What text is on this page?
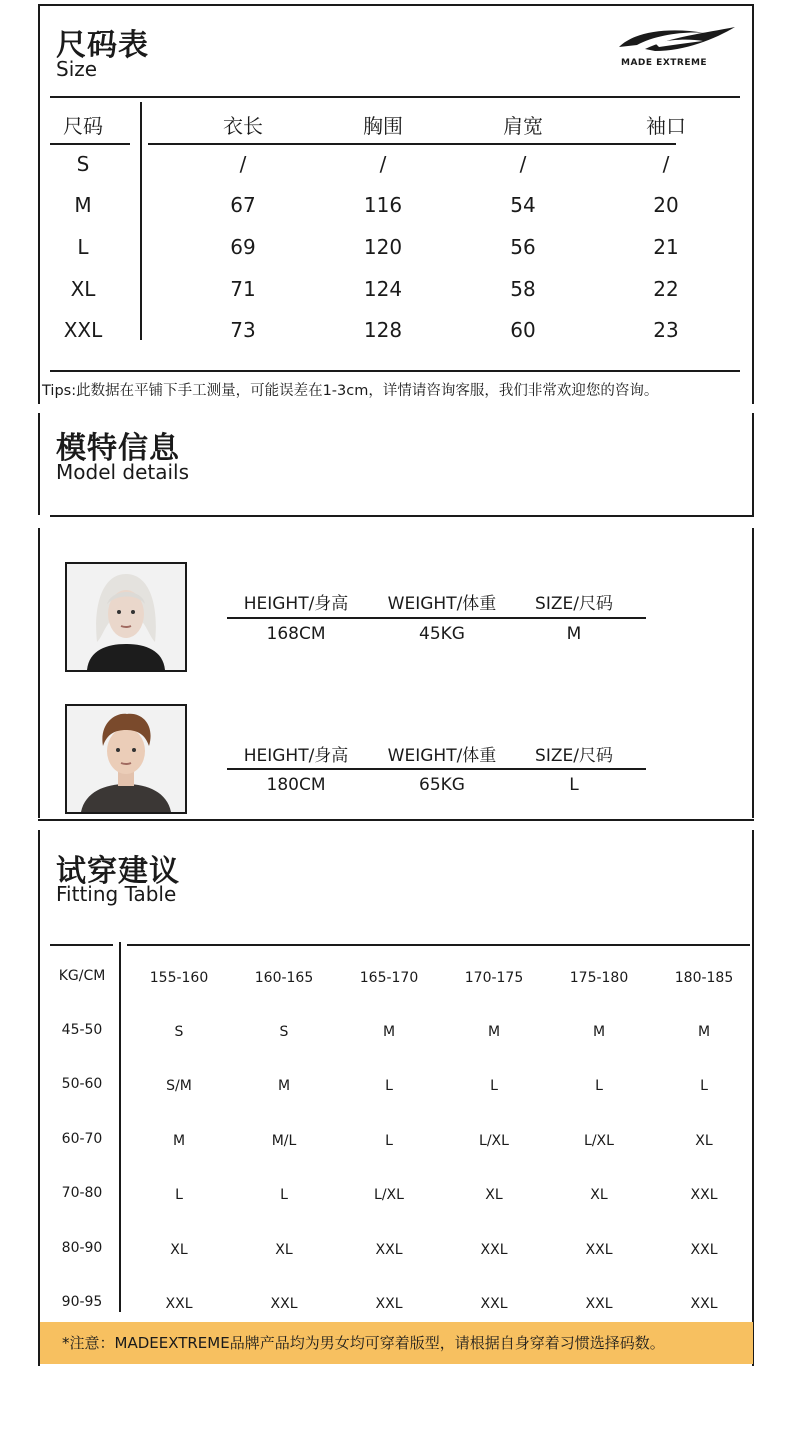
尺码表
Size	MADE EXTREME
尺码	衣长	胸围	肩宽	袖口
S	/	/	/	/
M	67	116	54	20
L	69	120	56	21
XL	71	124	58	22
XXL	73	128	60	23
Tips:此数据在平铺下手工测量，可能误差在1-3cm，详情请咨询客服，我们非常欢迎您的咨询。
模特信息
Model details
HEIGHT/身高 WEIGHT/体重 SIZE/尺码
168CM	45KG	M
HEIGHT/身高 WEIGHT/体重 SIZE/尺码
180CM	65KG	L
试穿建议
Fitting Table
KG/CM	155-160	160-165	165-170	170-175	175-180	180-185
45-50	S	S	M	M	M	M
50-60	S/M	M	L	L	L	L
60-70	M	M/L	L	L/XL	L/XL	XL
70-80	L	L	L/XL	XL	XL	XXL
80-90	XL	XL	XXL	XXL	XXL	XXL
90-95	XXL	XXL	XXL	XXL	XXL	XXL
*注意：MADEEXTREME品牌产品均为男女均可穿着版型，请根据自身穿着习惯选择码数。
